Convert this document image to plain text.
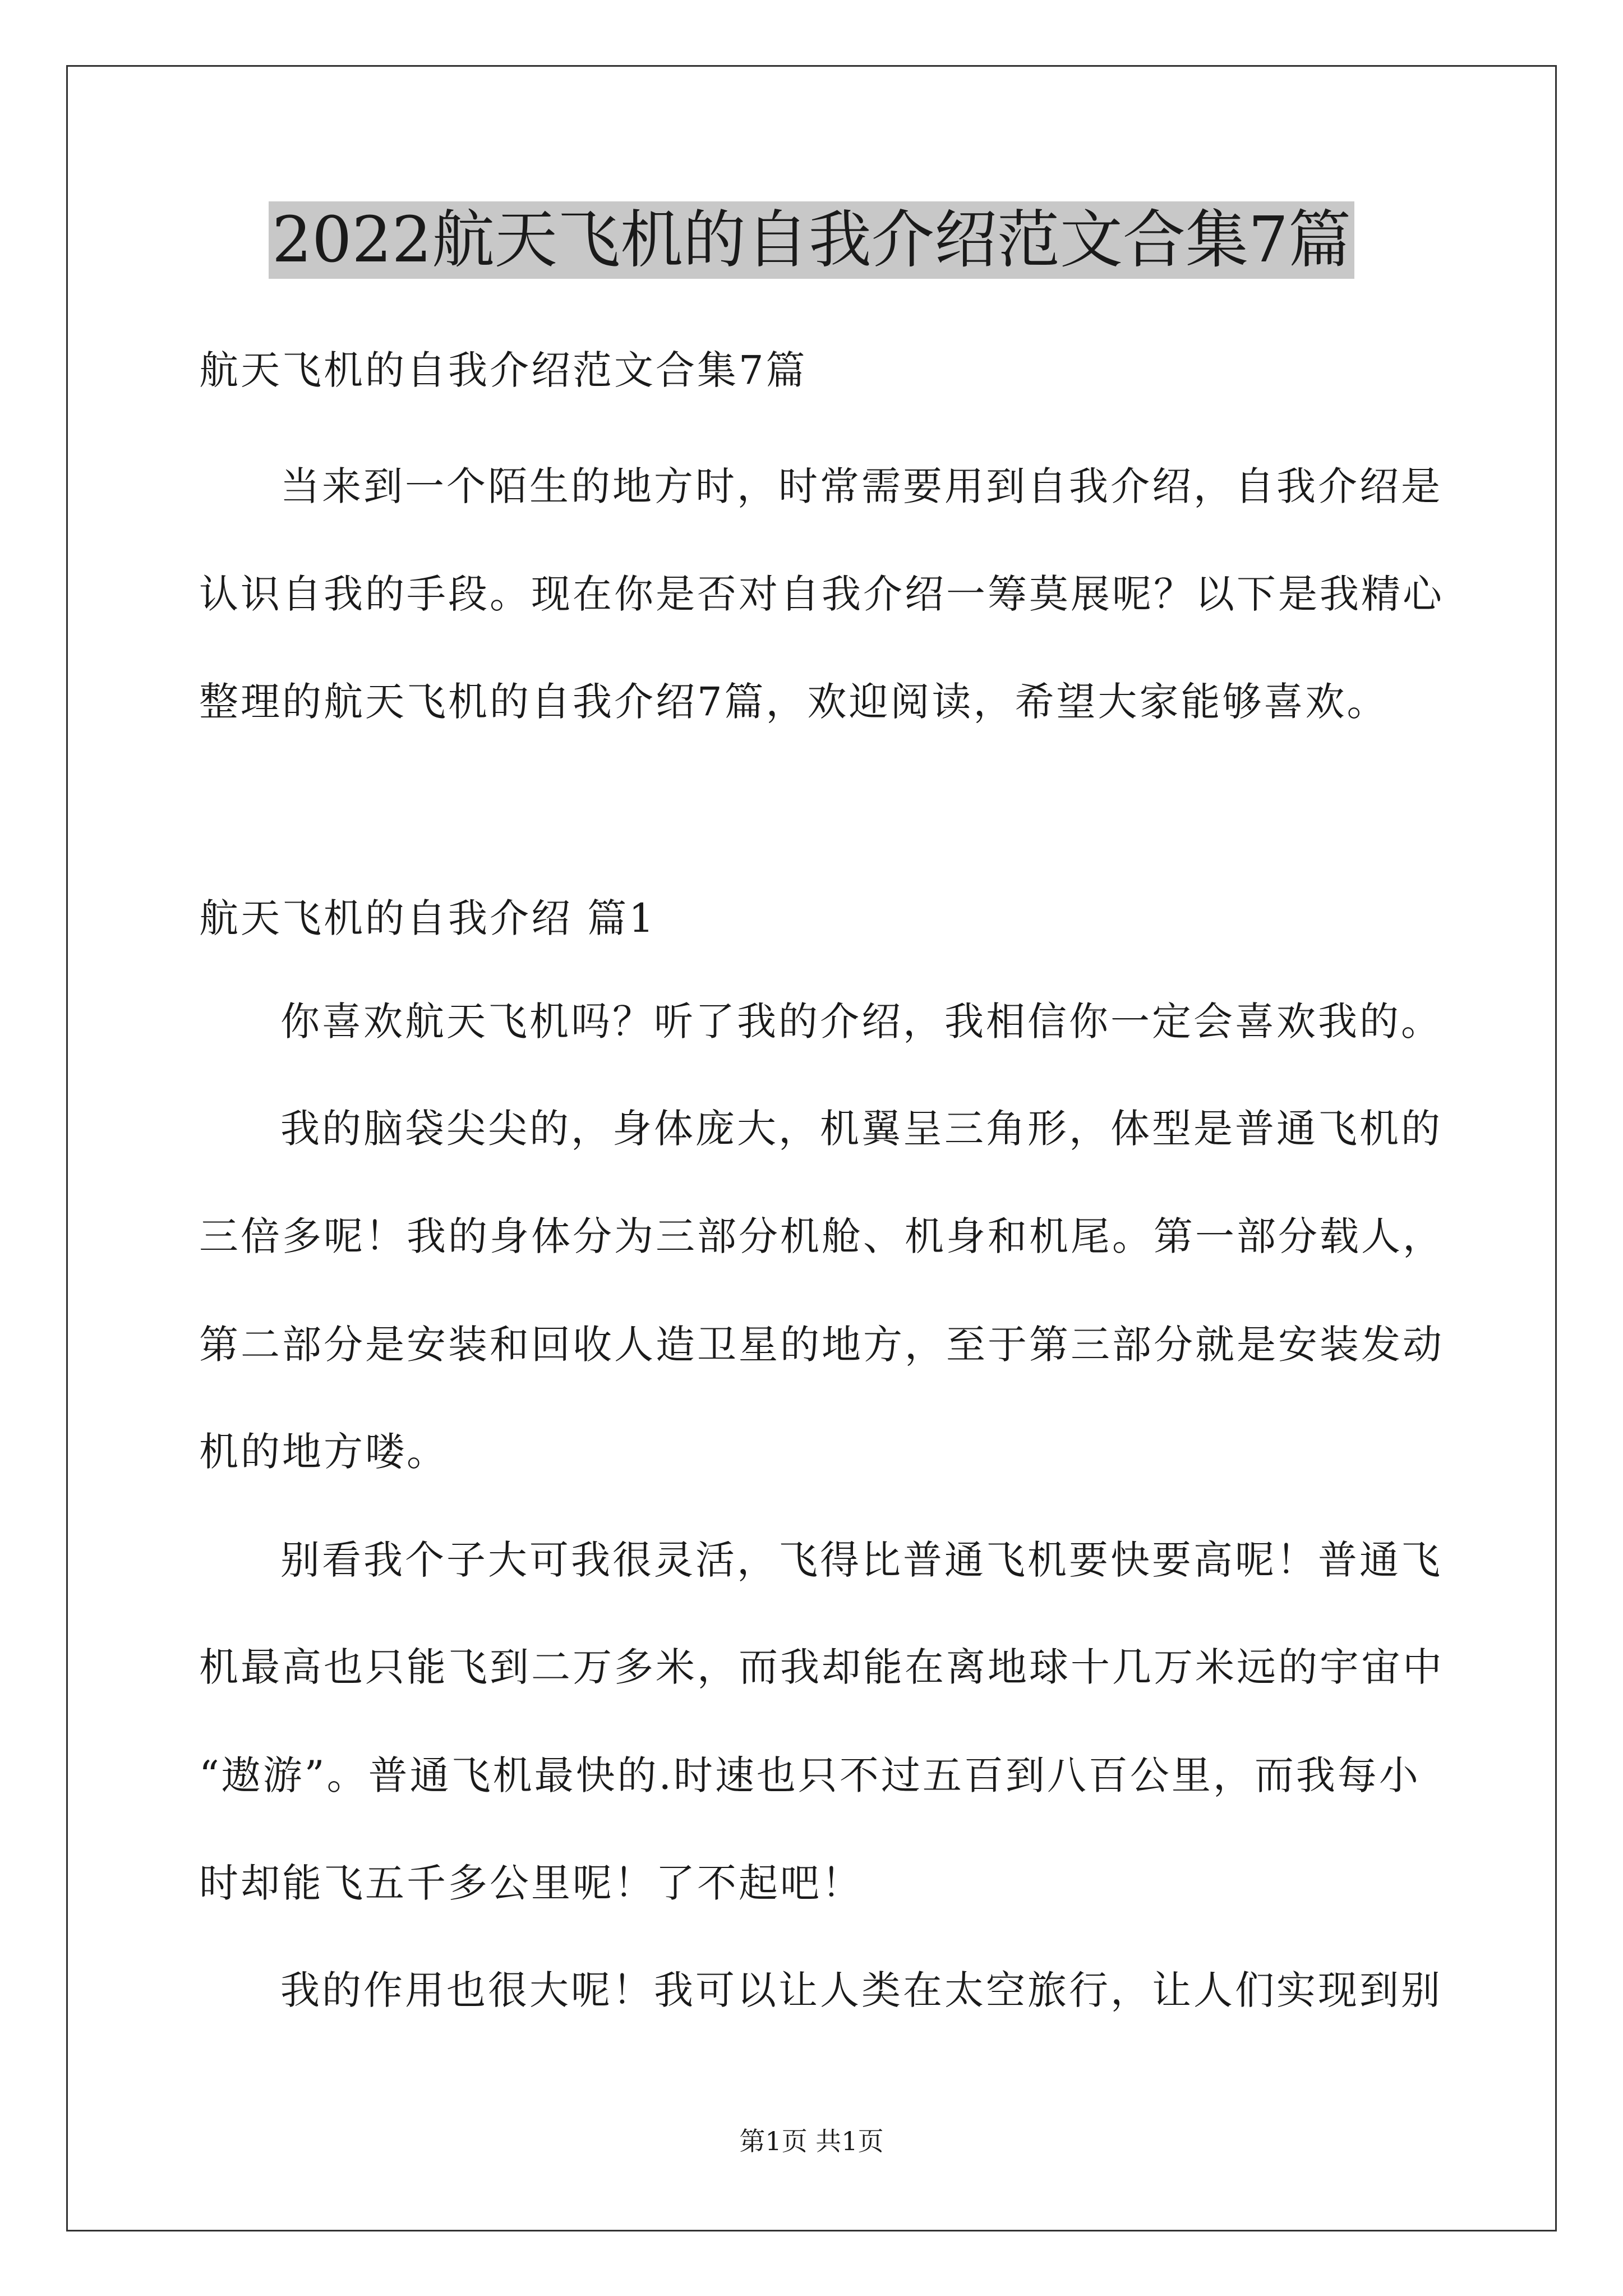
2022航天飞机的自我介绍范文合集7篇
航天飞机的自我介绍范文合集7篇
当来到一个陌生的地方时，时常需要用到自我介绍，自我介绍是
认识自我的手段。现在你是否对自我介绍一筹莫展呢？以下是我精心
整理的航天飞机的自我介绍7篇，欢迎阅读，希望大家能够喜欢。
航天飞机的自我介绍 篇1
你喜欢航天飞机吗？听了我的介绍，我相信你一定会喜欢我的。
我的脑袋尖尖的，身体庞大，机翼呈三角形，体型是普通飞机的
三倍多呢！我的身体分为三部分机舱、机身和机尾。第一部分载人，
第二部分是安装和回收人造卫星的地方，至于第三部分就是安装发动
机的地方喽。
别看我个子大可我很灵活，飞得比普通飞机要快要高呢！普通飞
机最高也只能飞到二万多米，而我却能在离地球十几万米远的宇宙中
“遨游”。普通飞机最快的.时速也只不过五百到八百公里，而我每小
时却能飞五千多公里呢！了不起吧！
我的作用也很大呢！我可以让人类在太空旅行，让人们实现到别
第1页 共1页
